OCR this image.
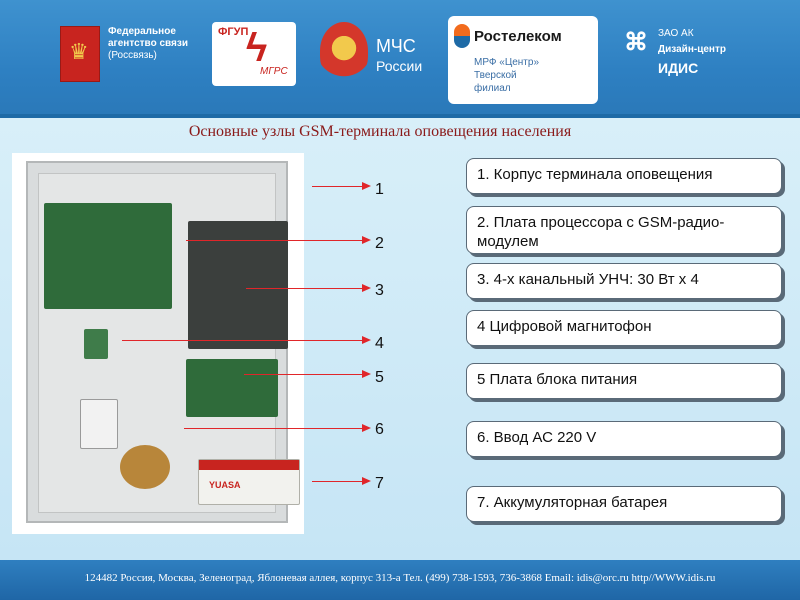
♛
Федеральное агентство связи
(Россвязь)
ФГУП
ϟ
МГРС
МЧС
России
Ростелеком
МРФ «Центр»
Тверской
филиал
⌘ ЗАО АК
Дизайн-центр
ИДИС
Основные узлы GSM-терминала оповещения населения
YUASA
1
2
3
4
5
6
7
1. Корпус терминала оповещения
2. Плата процессора с GSM-радио-модулем
3. 4-х канальный УНЧ: 30 Вт х 4
4 Цифровой магнитофон
5 Плата блока питания
6. Ввод АС 220 V
7. Аккумуляторная батарея
124482 Россия, Москва, Зеленоград, Яблоневая аллея, корпус 313-а Тел. (499) 738-1593, 736-3868 Email: idis@orc.ru http//WWW.idis.ru
